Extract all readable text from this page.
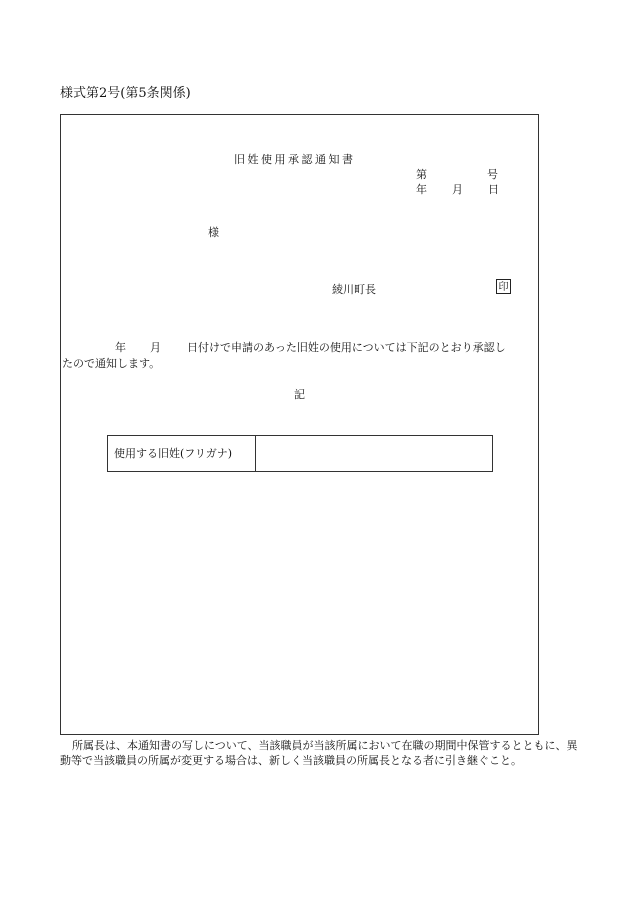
様式第2号(第5条関係)
旧姓使用承認通知書
第	号
年 月 日
様
綾川町長	印
年 月 日付けで申請のあった旧姓の使用については下記のとおり承認し
たので通知します。
記
使用する旧姓(フリガナ)
所属長は、本通知書の写しについて、当該職員が当該所属において在職の期間中保管するとともに、異動等で当該職員の所属が変更する場合は、新しく当該職員の所属長となる者に引き継ぐこと。
